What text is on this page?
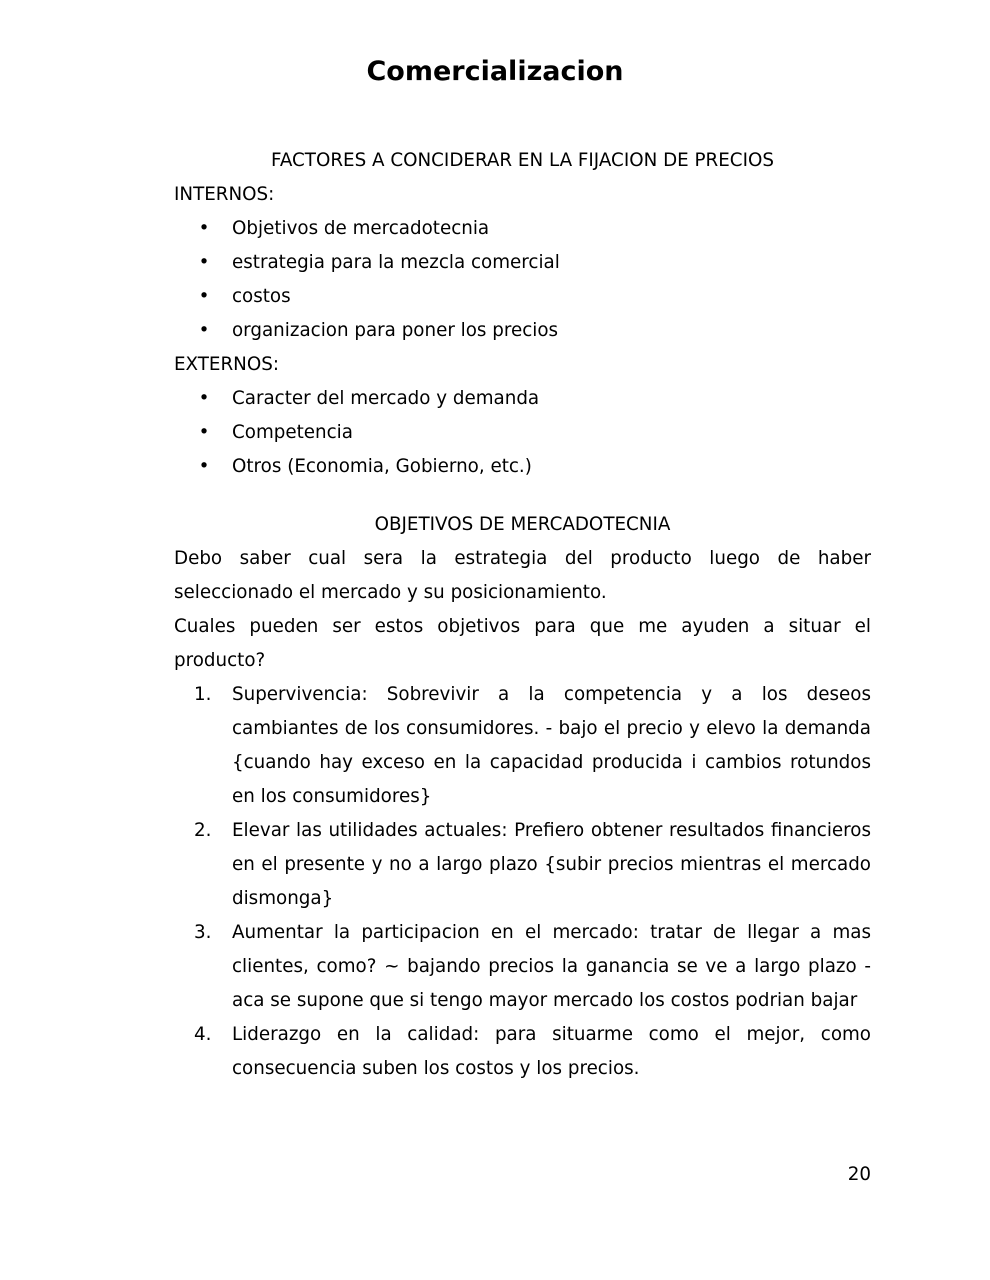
Comercializacion
FACTORES A CONCIDERAR EN LA FIJACION DE PRECIOS
INTERNOS:
• Objetivos de mercadotecnia
• estrategia para la mezcla comercial
• costos
• organizacion para poner los precios
EXTERNOS:
• Caracter del mercado y demanda
• Competencia
• Otros (Economia, Gobierno, etc.)
OBJETIVOS DE MERCADOTECNIA

Debo saber cual sera la estrategia del producto luego de haber seleccionado el mercado y su posicionamiento.

Cuales pueden ser estos objetivos para que me ayuden a situar el producto?

1. Supervivencia: Sobrevivir a la competencia y a los deseos cambiantes de los consumidores. - bajo el precio y elevo la demanda {cuando hay exceso en la capacidad producida i cambios rotundos en los consumidores}
2. Elevar las utilidades actuales: Prefiero obtener resultados financieros en el presente y no a largo plazo {subir precios mientras el mercado dismonga}
3. Aumentar la participacion en el mercado: tratar de llegar a mas clientes, como? ~ bajando precios la ganancia se ve a largo plazo - aca se supone que si tengo mayor mercado los costos podrian bajar
4. Liderazgo en la calidad: para situarme como el mejor, como consecuencia suben los costos y los precios.
20
